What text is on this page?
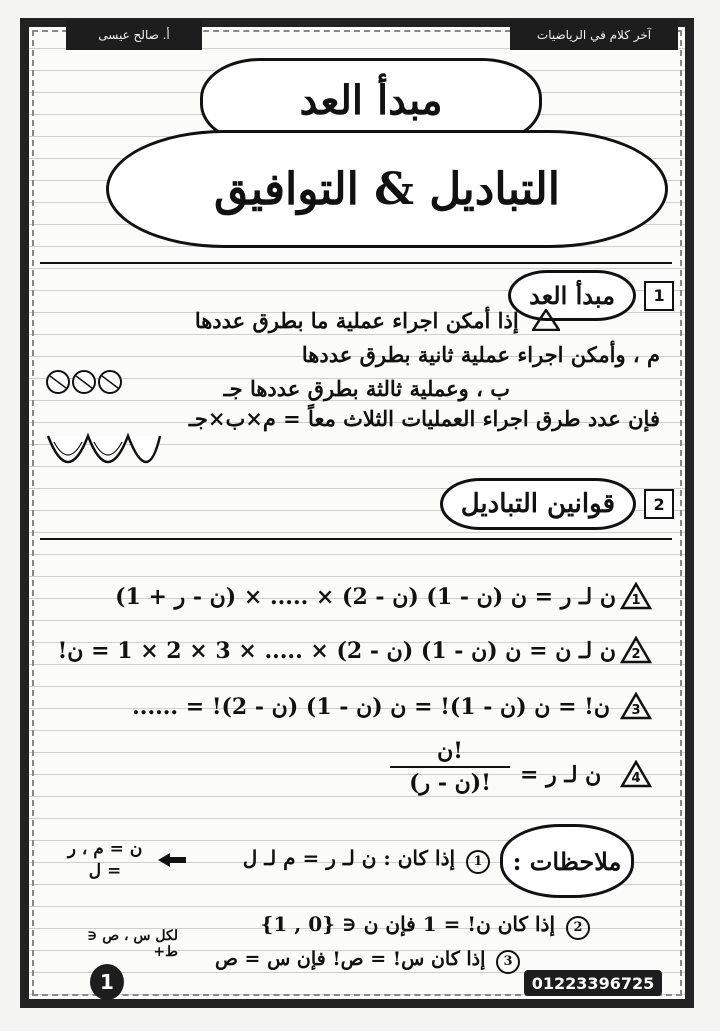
أ. صالح عيسى	آخر كلام في الرياضيات
مبدأ العد
التباديل & التوافيق
1
مبدأ العد
إذا أمكن اجراء عملية ما بطرق عددها
م ، وأمكن اجراء عملية ثانية بطرق عددها
ب ، وعملية ثالثة بطرق عددها جـ
فإن عدد طرق اجراء العمليات الثلاث معاً = م×ب×جـ
2
قوانين التباديل
1
ن لـ ر = ن (ن - 1) (ن - 2) × ..... × (ن - ر + 1)
2
ن لـ ن = ن (ن - 1) (ن - 2) × ..... × 3 × 2 × 1 = ن!
3
ن! = ن (ن - 1)! = ن (ن - 1) (ن - 2)! = ......
4
ن لـ ر =
ن!
(ن - ر)!
ملاحظات :
1 إذا كان : ن لـ ر = م لـ ل
ن = م ، ر = ل
2 إذا كان ن! = 1 فإن ن ∈ {0 , 1}
3 إذا كان س! = ص! فإن س = ص
لكل س ، ص ∈ ط+
1	01223396725
